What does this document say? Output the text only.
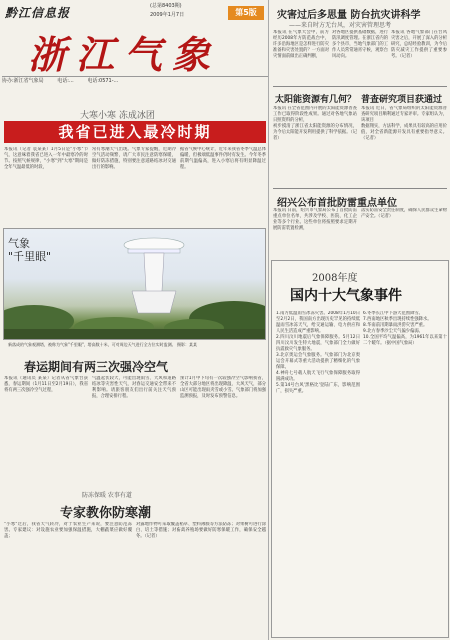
黔江信息报	(总第8403期)
2009年1月7日	第5版
浙江气象
协办:浙江省气象局	电话:...	电话:0571-...
大寒小寒 冻成冰团
我省已进入最冷时期
本报讯（记者 袁某某）1月5日是"小寒"节气，这意味着我省已进入一年中最寒冷的时节。按照气候规律，"小寒"到"大寒"期间是全年气温最低的时段，
常有寒潮天气出现。气象专家提醒，近期冷空气活动频繁，请广大市民注意防寒保暖，做好防冻措施，特别要注意道路结冰对交通出行的影响。
据省气候中心统计，近年来我省冬季气温总体偏暖，但极端低温事件仍时有发生。今年冬季前期气温偏高，进入小寒后将有明显降温过程。
气象
"千里眼"
新落成的气象观测塔，被称为气象"千里眼"，塔高数十米，可对周边天气进行全方位实时监测。 摄影：某某
春运期间有两三次强冷空气
本报讯（通讯员 某某）记者从省气象台获悉，春运期间（1月11日至2月19日），我省将有两三次强冷空气过程，
气温起伏较大，可能出现雨雪、大风和道路结冰等灾害性天气，对春运交通安全带来不利影响。请旅客朋友们出行前关注天气预报，合理安排行程。
预计1月中下旬有一次较强冷空气影响我省，全省大部分地区将出现降温、大风天气，部分山区可能出现雨夹雪或小雪。气象部门将加强监测预报，及时发布预警信息。
防冻保暖 农事有道
专家教你防寒潮
"小寒"过后，我省天气转冷，对于农业生产来说，要注意防范冻害。专家建议：对设施农业要加强保温措施，大棚蔬菜应做好覆盖；
对露地作物可采取覆盖稻草、塑料薄膜等方法防冻；对果树可进行涂白、培土等措施；对畜禽养殖场要做好防寒保暖工作，确保安全越冬。（记者）
灾害过后多思量 防台抗灾讲科学
——来自时方无台风，对灾害管理思考
本报讯 在气象大会中，前方经历2008年方防范战台中，许多沿海地区是怎样进行防灾准备和灾害处置的？一方面对灾情面前做出正确判断，
对各地区提供基础数据，进行防汛调度管理。在浙江省内的多个县市，当地气象部门的工作人员常常通宵守候，观察台风动向。
本报讯 各地气象部门在台风灾害之后，开展了深入的分析研究，总结经验教训，为今后防灾减灾工作提供了重要参考。（记者）
太阳能资源有几何？ 普查研究项目获通过
本报讯 在全省范围内开展的太阳能资源普查工作已取得阶段性成果。通过对各地气象站日照资料的分析，
初步摸清了浙江省太阳能资源的分布情况，为今后太阳能开发利用提供了科学依据。（记者）
本报讯 近日，省气象局组织的太阳能资源普查研究项目顺利通过专家评审。专家组认为，该项目
数据翔实，方法科学，成果具有较高的应用价值，对全省新能源开发具有重要指导意义。（记者）
绍兴公布首批防雷重点单位
本报讯 日前，绍兴市气象局公布了首批防雷重点单位名单，共涉及学校、医院、化工企业等多个行业。这些单位将按照要求定期开展防雷装置检测，
落实防雷安全责任制度，确保人民群众生命财产安全。（记者）
2008年度
国内十大气象事件
1.南方低温雨雪冰冻灾害。2008年1月10日至2月2日，我国南方出现历史罕见的持续低温雨雪冰冻天气，给交通运输、电力供应和人民生活造成严重影响。
2.四川汶川地震后气象保障服务。5月12日四川汶川发生特大地震，气象部门全力做好抗震救灾气象服务。
3.北京奥运会气象服务。气象部门为北京奥运会开幕式等重大活动提供了精细化的气象保障。
4.神舟七号载人航天飞行气象保障服务取得圆满成功。
5.第14号台风'黑格比'登陆广东，影响范围广，损失严重。
6.冬季长江中下游大范围降雪。
7.西南地区秋季出现持续性强降水。
8.华南前汛期暴雨洪涝灾害严重。
9.北方春季沙尘天气偏少偏弱。
10.全国平均气温偏高，为1961年以来第十二个暖年。（据中国气象局）
